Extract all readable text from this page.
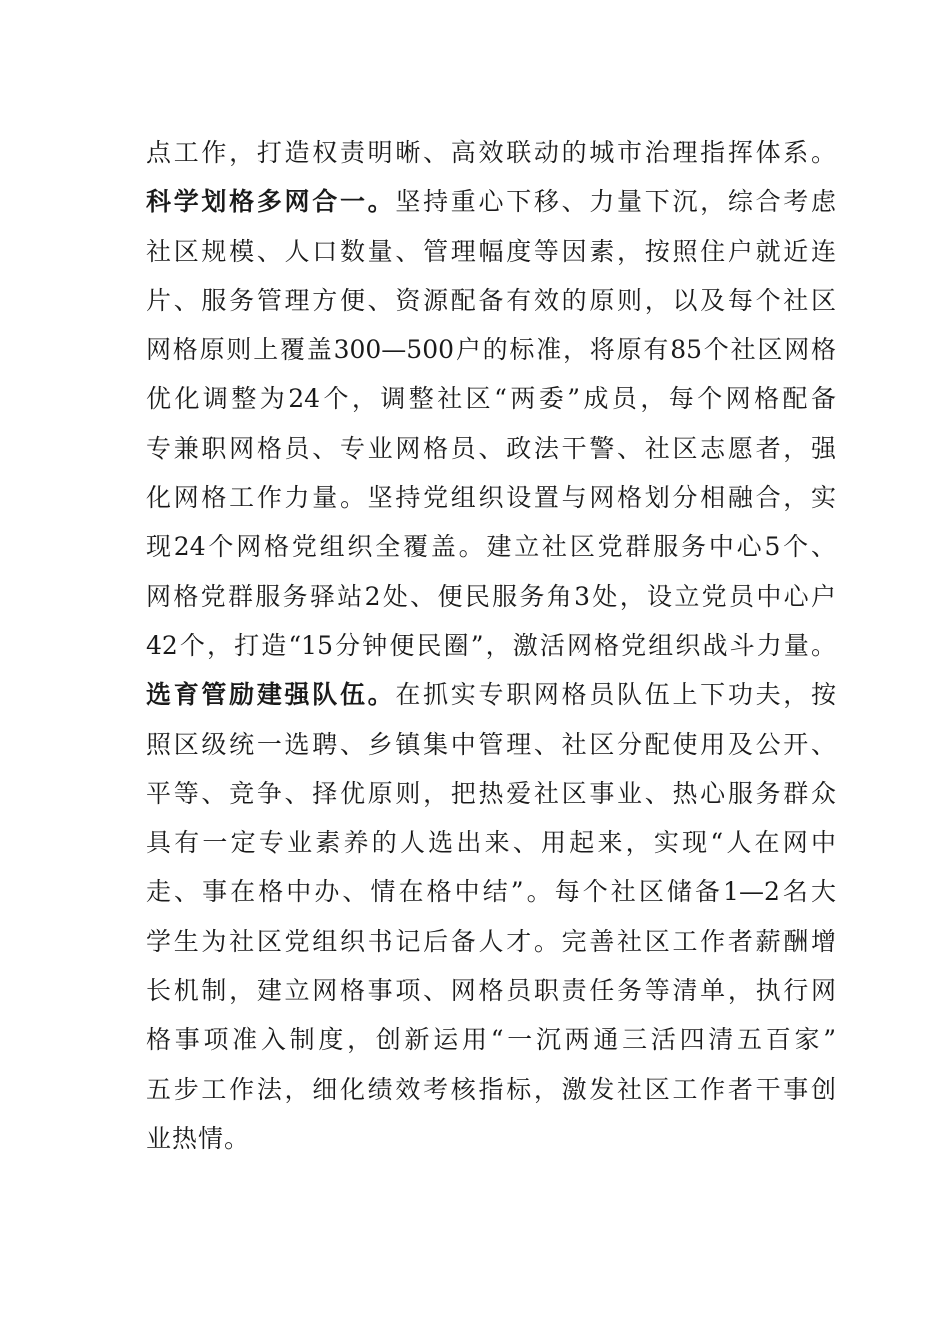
点工作，打造权责明晰、高效联动的城市治理指挥体系。
科学划格多网合一。坚持重心下移、力量下沉，综合考虑
社区规模、人口数量、管理幅度等因素，按照住户就近连
片、服务管理方便、资源配备有效的原则，以及每个社区
网格原则上覆盖300—500户的标准，将原有85个社区网格
优化调整为24个，调整社区“两委”成员，每个网格配备
专兼职网格员、专业网格员、政法干警、社区志愿者，强
化网格工作力量。坚持党组织设置与网格划分相融合，实
现24个网格党组织全覆盖。建立社区党群服务中心5个、
网格党群服务驿站2处、便民服务角3处，设立党员中心户
42个，打造“15分钟便民圈”，激活网格党组织战斗力量。
选育管励建强队伍。在抓实专职网格员队伍上下功夫，按
照区级统一选聘、乡镇集中管理、社区分配使用及公开、
平等、竞争、择优原则，把热爱社区事业、热心服务群众
具有一定专业素养的人选出来、用起来，实现“人在网中
走、事在格中办、情在格中结”。每个社区储备1—2名大
学生为社区党组织书记后备人才。完善社区工作者薪酬增
长机制，建立网格事项、网格员职责任务等清单，执行网
格事项准入制度，创新运用“一沉两通三活四清五百家”
五步工作法，细化绩效考核指标，激发社区工作者干事创
业热情。
